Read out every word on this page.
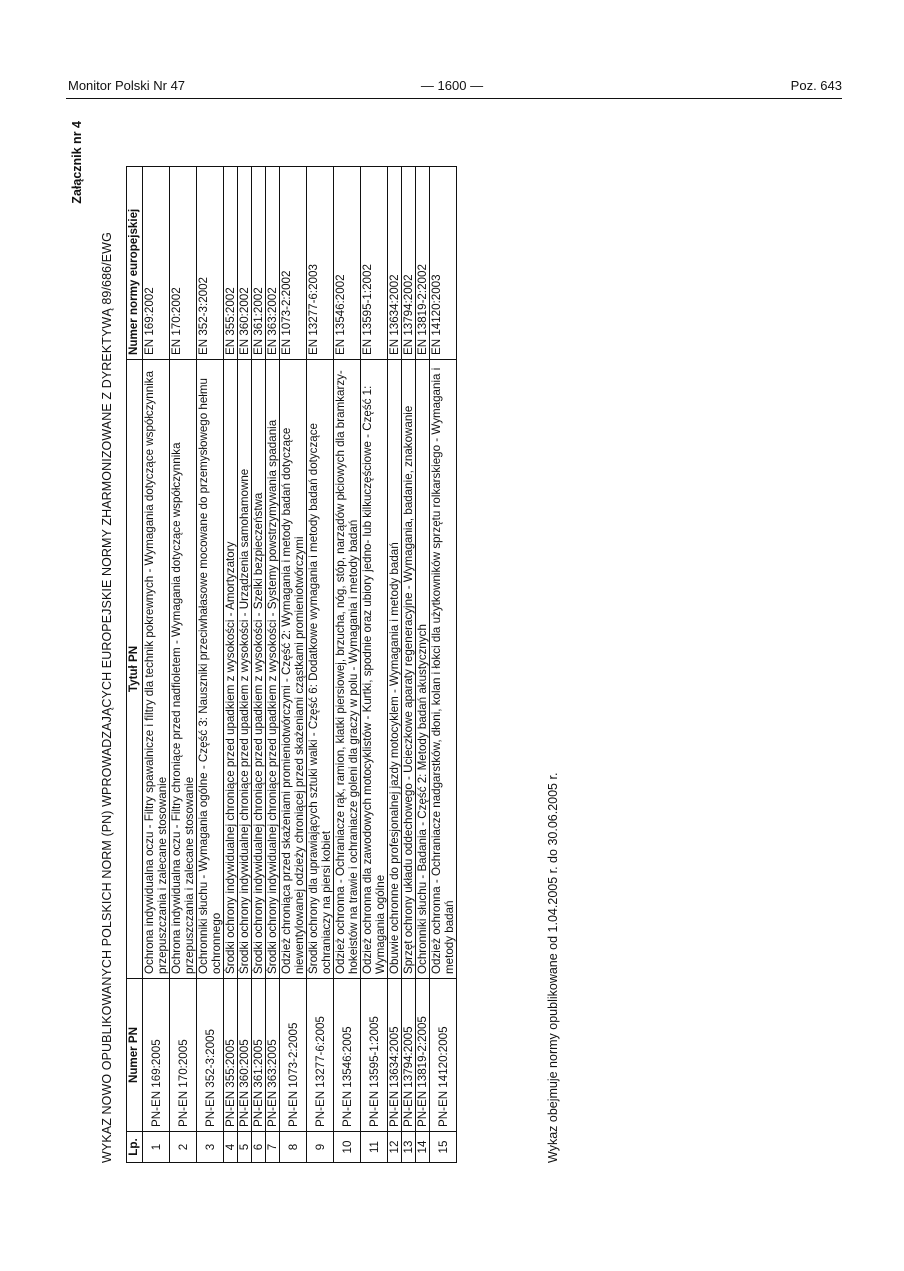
Monitor Polski Nr 47	— 1600 —	Poz. 643
Załącznik nr 4
WYKAZ NOWO OPUBLIKOWANYCH POLSKICH NORM (PN) WPROWADZAJĄCYCH EUROPEJSKIE NORMY ZHARMONIZOWANE Z DYREKTYWĄ 89/686/EWG Lp.	Numer PN	Tytuł PN	Numer normy europejskiej
1	PN-EN 169:2005	Ochrona indywidualna oczu - Filtry spawalnicze i filtry dla technik pokrewnych - Wymagania dotyczące współczynnika przepuszczania i zalecane stosowanie	EN 169:2002
2	PN-EN 170:2005	Ochrona indywidualna oczu - Filtry chroniące przed nadfioletem - Wymagania dotyczące współczynnika przepuszczania i zalecane stosowanie	EN 170:2002
3	PN-EN 352-3:2005	Ochronniki słuchu - Wymagania ogólne - Część 3: Nauszniki przeciwhałasowe mocowane do przemysłowego hełmu ochronnego	EN 352-3:2002
4	PN-EN 355:2005	Środki ochrony indywidualnej chroniące przed upadkiem z wysokości - Amortyzatory	EN 355:2002
5	PN-EN 360:2005	Środki ochrony indywidualnej chroniące przed upadkiem z wysokości - Urządzenia samohamowne	EN 360:2002
6	PN-EN 361:2005	Środki ochrony indywidualnej chroniące przed upadkiem z wysokości - Szelki bezpieczeństwa	EN 361:2002
7	PN-EN 363:2005	Środki ochrony indywidualnej chroniące przed upadkiem z wysokości - Systemy powstrzymywania spadania	EN 363:2002
8	PN-EN 1073-2:2005	Odzież chroniąca przed skażeniami promieniotwórczymi - Część 2: Wymagania i metody badań dotyczące niewentylowanej odzieży chroniącej przed skażeniami cząstkami promieniotwórczymi	EN 1073-2:2002
9	PN-EN 13277-6:2005	Środki ochrony dla uprawiających sztuki walki - Część 6: Dodatkowe wymagania i metody badań dotyczące ochraniaczy na piersi kobiet	EN 13277-6:2003
10	PN-EN 13546:2005	Odzież ochronna - Ochraniacze rąk, ramion, klatki piersiowej, brzucha, nóg, stóp, narządów płciowych dla bramkarzy-hokeistów na trawie i ochraniacze goleni dla graczy w polu - Wymagania i metody badań	EN 13546:2002
11	PN-EN 13595-1:2005	Odzież ochronna dla zawodowych motocyklistów - Kurtki, spodnie oraz ubiory jedno- lub kilkuczęściowe - Część 1: Wymagania ogólne	EN 13595-1:2002
12	PN-EN 13634:2005	Obuwie ochronne do profesjonalnej jazdy motocyklem - Wymagania i metody badań	EN 13634:2002
13	PN-EN 13794:2005	Sprzęt ochrony układu oddechowego - Ucieczkowe aparaty regeneracyjne - Wymagania, badanie, znakowanie	EN 13794:2002
14	PN-EN 13819-2:2005	Ochronniki słuchu - Badania - Część 2: Metody badań akustycznych	EN 13819-2:2002
15	PN-EN 14120:2005	Odzież ochronna - Ochraniacze nadgarstków, dłoni, kolan i łokci dla użytkowników sprzętu rolkarskiego - Wymagania i metody badań	EN 14120:2003
Wykaz obejmuje normy opublikowane od 1.04.2005 r. do 30.06.2005 r.
